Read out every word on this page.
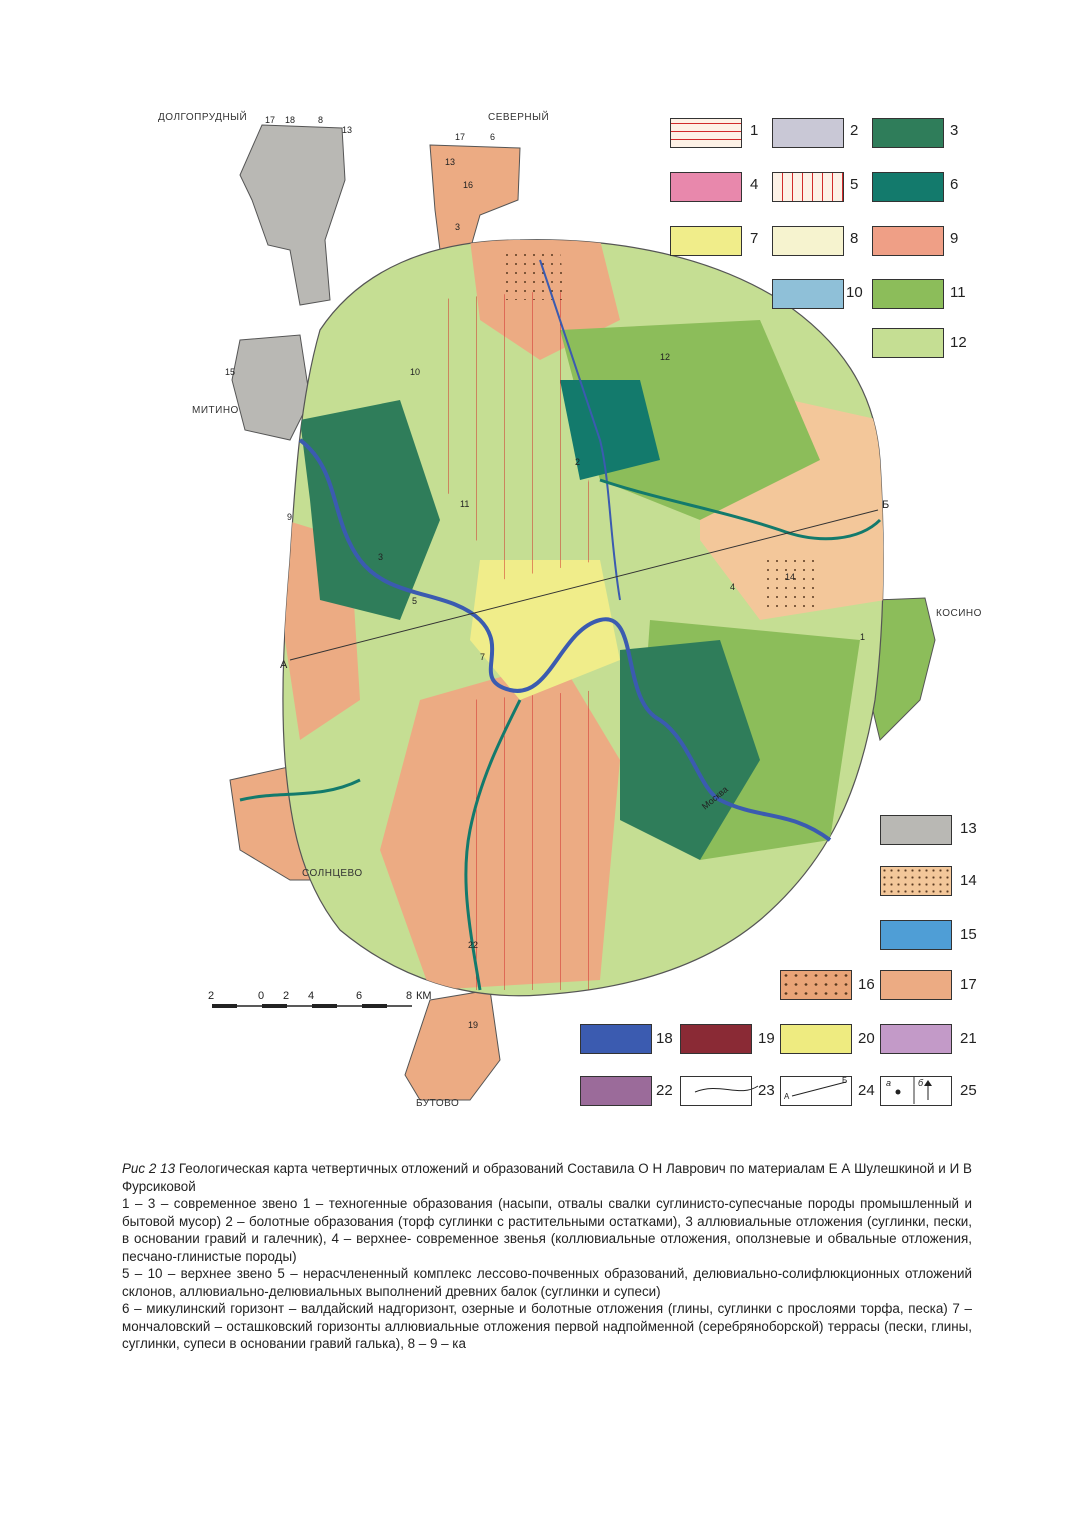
А
Б
Москва
17 18	8
13
17	6
13
16
3
12
14
15
9
11
10
2
3
7
5
22
1
19
4
ДОЛГОПРУДНЫЙ	СЕВЕРНЫЙ
МИТИНО
КОСИНО
СОЛНЦЕВО
БУТОВО
2	0 2 4	6	8 КМ
1	2	3
4	5	6
7	8	9
10	11
12
13
14
15
16	17
18	19	20	21
22	23	24	25
А
Б	а	б

Рис 2 13 Геологическая карта четвертичных отложений и образований Составила О Н Лаврович по материалам Е А Шулешкиной и И В Фурсиковой

1 – 3 – современное звено 1 – техногенные образования (насыпи, отвалы свалки суглинисто-супесчаные породы промышленный и бытовой мусор) 2 – болотные образования (торф суглинки с растительными остатками), 3 аллювиальные отложения (суглинки, пески, в основании гравий и галечник), 4 – верхнее- современное звенья (коллювиальные отложения, оползневые и обвальные отложения, песчано-глинистые породы)

5 – 10 – верхнее звено 5 – нерасчлененный комплекс лессово-почвенных образований, делювиально-солифлюкционных отложений склонов, аллювиально-делювиальных выполнений древних балок (суглинки и супеси)

6 – микулинский горизонт – валдайский надгоризонт, озерные и болотные отложения (глины, суглинки с прослоями торфа, песка) 7 – мончаловский – осташковский горизонты аллювиальные отложения первой надпойменной (серебряноборской) террасы (пески, глины, суглинки, супеси в основании гравий галька), 8 – 9 – ка
